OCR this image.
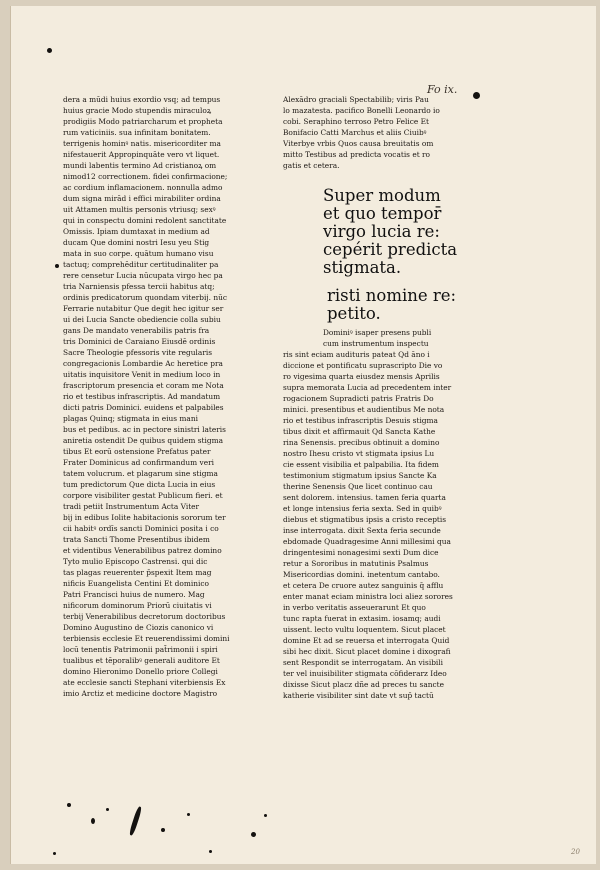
Fo ix.
dera a mūdi huius exordio vsq; ad tempus
huius gracie Modo stupendis miraculoꝝ
prodigiis Modo patriarcharum et propheta
rum vaticiniis. sua infinitam bonitatem.
terrigenis hominꝰ natis. misericorditer ma
nifestauerit Appropinquāte vero vt liquet.
mundi labentis termino Ad cristianoꝝ om
nimod12 correctionem. fidei confirmacione;
ac cordium inflamacionem. nonnulla admo
dum signa mirād i effici mirabiliter ordina
uit Attamen multis personis vtriusq; sexꝰ
qui in conspectu domini redolent sanctitate
Omissis. Ipiam dumtaxat in medium ad
ducam Que domini nostri Iesu yeu Stig
mata in suo corpe. quātum humano visu
tactuq; comprehēditur certitudinaliter pa
rere censetur Lucia nūcupata virgo hec pa
tria Narniensis pfessa tercii habitus atq;
ordinis predicatorum quondam viterbij. nūc
Ferrarie nutabitur Que degit hec igitur ser
ui dei Lucia Sancte obediencie colla subiu
gans De mandato venerabilis patris fra
tris Dominici de Caraiano Eiusdē ordinis
Sacre Theologie pfessoris vite regularis
congregacionis Lombardie Ac heretice pra
uitatis inquisitore Venit in medium loco in
frascriptorum presencia et coram me Nota
rio et testibus infrascriptis. Ad mandatum
dicti patris Dominici. euidens et palpabiles
plagas Quinq; stigmata in eius mani
bus et pedibus. ac in pectore sinistri lateris
aniretia ostendit De quibus quidem stigma
tibus Et eorū ostensione Prefatus pater
Frater Dominicus ad confirmandum veri
tatem volucrum. et plagarum sine stigma
tum predictorum Que dicta Lucia in eius
corpore visibiliter gestat Publicum fieri. et
tradi petiit Instrumentum Acta Viter
bij in edibus Iolite habitacionis sororum ter
cii habitꝰ ordīs sancti Dominici posita i co
trata Sancti Thome Presentibus ibidem
et videntibus Venerabilibus patrez domino
Tyto mulio Episcopo Castrensi. qui dic
tas plagas reuerenter p̄spexit Item mag
nificis Euangelista Centini Et dominico
Patri Francisci huius de numero. Mag
nificorum dominorum Priorū ciuitatis vi
terbij Venerabilibus decretorum doctoribus
Domino Augustino de Ciozis canonico vi
terbiensis ecclesie Et reuerendissimi domini
locū tenentis Patrimonii pat̄rimonii i spiri
tualibus et tēporalibꝰ generali auditore Et
domino Hieronimo Donello priore Collegi
ate ecclesie sancti Stephani viterbiensis Ex
imio Arctiz et medicine doctore Magistro
Alexādro graciali Spectabilib; viris Pau
lo mazatesta. pacifico Bonelli Leonardo io
cobi. Seraphino terroso Petro Felice Et
Bonifacio Catti Marchus et aliis Ciuibꝰ
Viterbye vrbis Quos causa breuitatis om
mitto Testibus ad predicta vocatis et ro
gatis et cetera.
Super modum
et quo tempor̄
virgo lucia re:
cepérit predicta
stigmata.
risti nomine re:
petito.
Dominiꝰ isaper presens publi
cum instrumentum inspectu
ris sint eciam audituris pateat Qd āno i
diccione et pontificatu suprascripto Die vo
ro vigesima quarta eiusdez mensis Aprilis
supra memorata Lucia ad precedentem inter
rogacionem Supradicti patris Fratris Do
minici. presentibus et audientibus Me nota
rio et testibus infrascriptis Desuis stigma
tibus dixit et affirmauit Qd Sancta Kathe
rina Senensis. precibus obtinuit a domino
nostro Ihesu cristo vt stigmata ipsius Lu
cie essent visibilia et palpabilia. Ita fidem
testimonium stigmatum ipsius Sancte Ka
therine Senensis Que licet continuo cau
sent dolorem. intensius. tamen feria quarta
et longe intensius feria sexta. Sed in quibꝰ
diebus et stigmatibus ipsis a cristo receptis
inse interrogata. dixit Sexta feria secunde
ebdomade Quadragesime Anni millesimi qua
dringentesimi nonagesimi sexti Dum dice
retur a Sororibus in matutinis Psalmus
Misericordias domini. inetentum cantabo.
et cetera De cruore autez sanguinis q̄ afflu
enter manat eciam ministra loci aliez sorores
in verbo veritatis asseuerarunt Et quo
tunc rapta fuerat in extasim. iosamq; audi
uissent. lecto vultu loquentem. Sicut placet
domine Et ad se reuersa et interrogata Quid
sibi hec dixit. Sicut placet domine i dixografi
sent Respondit se interrogatam. An visibili
ter vel inuisibiliter stigmata cōfiderarz Ideo
dixisse Sicut placz dñe ad preces tu sancte
katherie visibiliter sint date vt sup̄ tactū
20
